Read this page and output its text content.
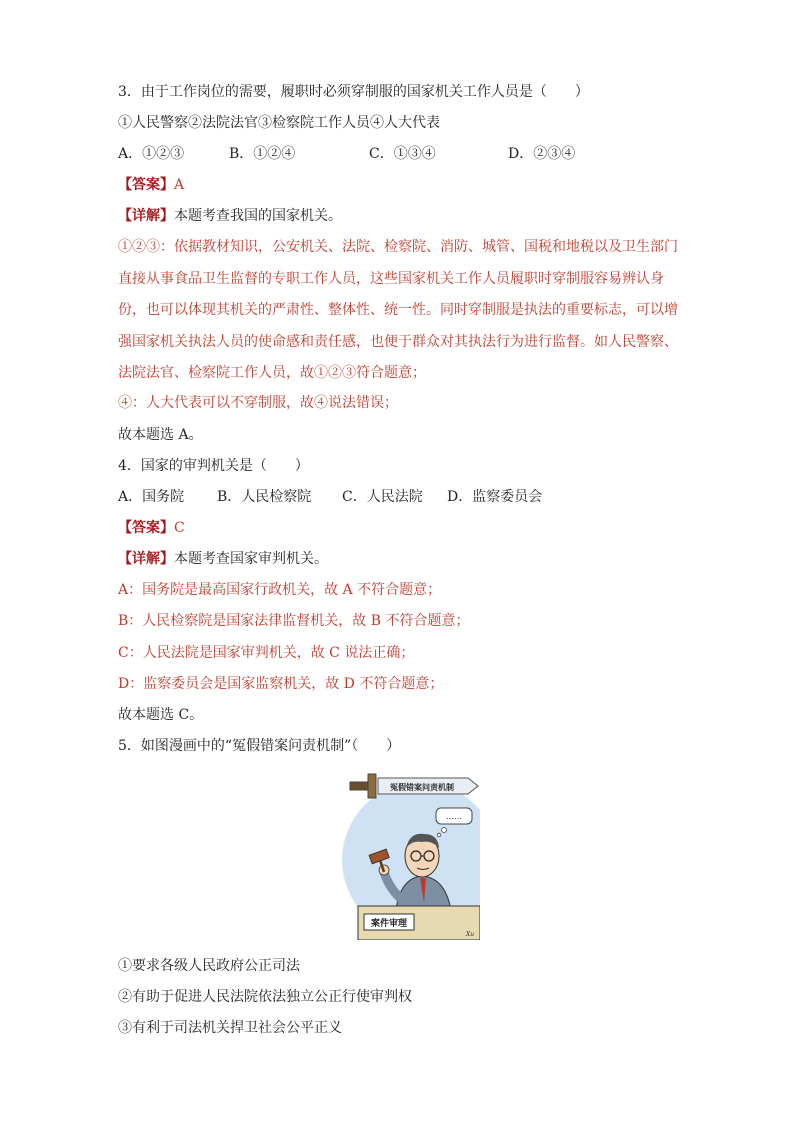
3．由于工作岗位的需要，履职时必须穿制服的国家机关工作人员是（　　）
①人民警察②法院法官③检察院工作人员④人大代表
A．①②③	B．①②④	C．①③④	D．②③④
【答案】A
【详解】本题考查我国的国家机关。
①②③：依据教材知识，公安机关、法院、检察院、消防、城管、国税和地税以及卫生部门直接从事食品卫生监督的专职工作人员，这些国家机关工作人员履职时穿制服容易辨认身份，也可以体现其机关的严肃性、整体性、统一性。同时穿制服是执法的重要标志，可以增强国家机关执法人员的使命感和责任感，也便于群众对其执法行为进行监督。如人民警察、法院法官、检察院工作人员，故①②③符合题意；
④：人大代表可以不穿制服，故④说法错误；
故本题选 A。
4．国家的审判机关是（　　）
A．国务院 B．人民检察院 C．人民法院 D．监察委员会
【答案】C
【详解】本题考查国家审判机关。
A：国务院是最高国家行政机关，故 A 不符合题意；
B：人民检察院是国家法律监督机关，故 B 不符合题意；
C：人民法院是国家审判机关，故 C 说法正确；
D：监察委员会是国家监察机关，故 D 不符合题意；
故本题选 C。
5．如图漫画中的“冤假错案问责机制”（　　）
冤假错案问责机制
……
案件审理
Xu
①要求各级人民政府公正司法
②有助于促进人民法院依法独立公正行使审判权
③有利于司法机关捍卫社会公平正义
